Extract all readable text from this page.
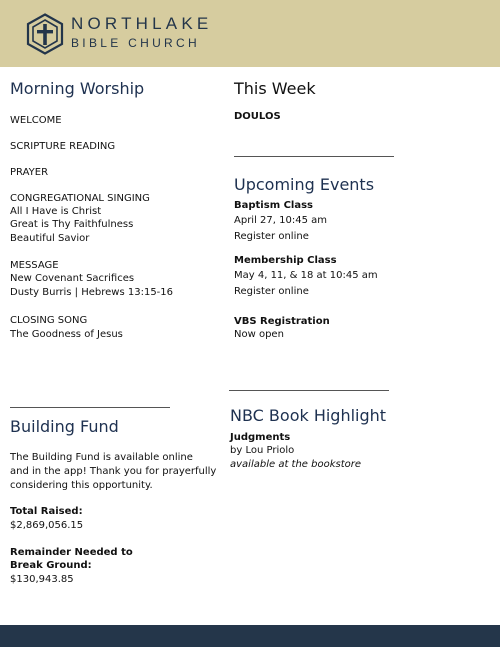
NORTHLAKE
BIBLE CHURCH
Morning Worship

WELCOME

SCRIPTURE READING

PRAYER

CONGREGATIONAL SINGING

All I Have is Christ

Great is Thy Faithfulness

Beautiful Savior

MESSAGE

New Covenant Sacrifices

Dusty Burris | Hebrews 13:15-16

CLOSING SONG

The Goodness of Jesus

This Week

DOULOS

Upcoming Events

Baptism Class

April 27, 10:45 am

Register online

Membership Class

May 4, 11, & 18 at 10:45 am

Register online

VBS Registration

Now open

Building Fund

The Building Fund is available online

and in the app! Thank you for prayerfully

considering this opportunity.

Total Raised:

$2,869,056.15

Remainder Needed to

Break Ground:

$130,943.85

NBC Book Highlight

Judgments

by Lou Priolo

available at the bookstore
